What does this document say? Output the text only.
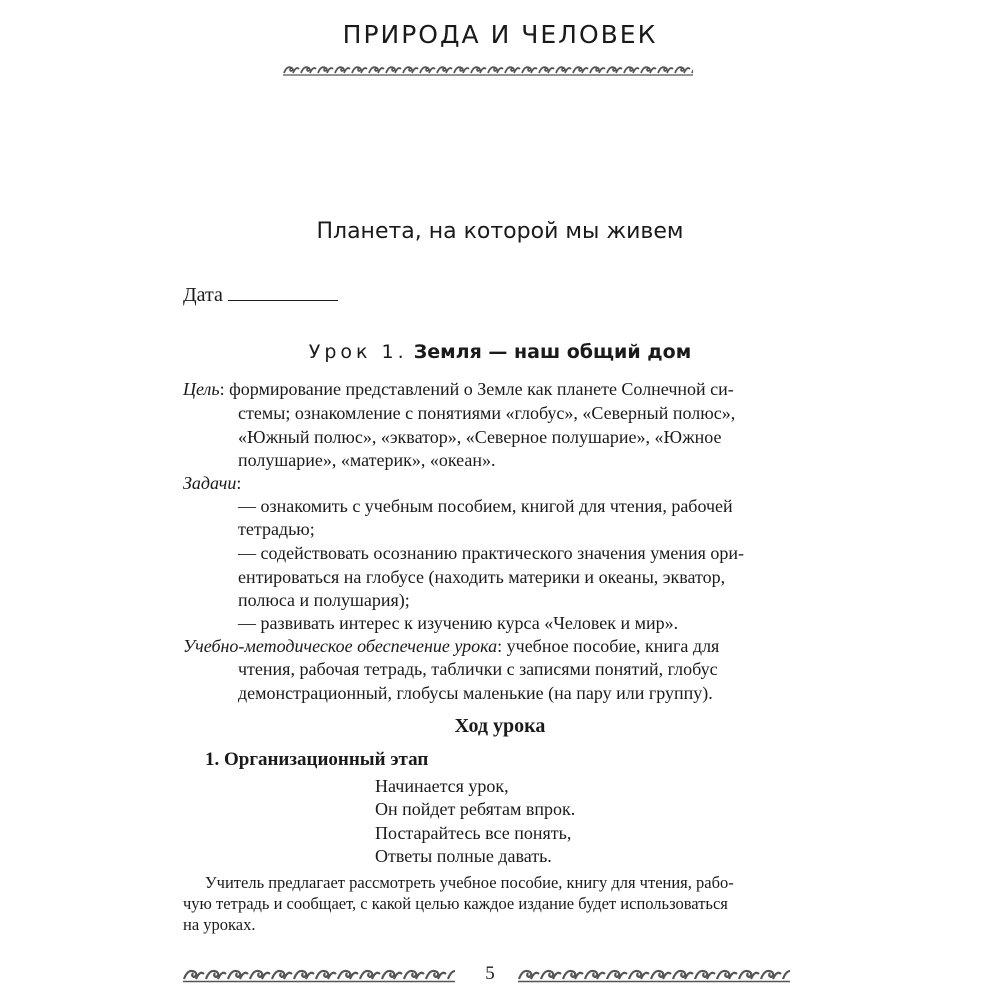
ПРИРОДА И ЧЕЛОВЕК
Планета, на которой мы живем
Дата
Урок 1. Земля — наш общий дом
Цель: формирование представлений о Земле как планете Солнечной си-
стемы; ознакомление с понятиями «глобус», «Северный полюс»,
«Южный полюс», «экватор», «Северное полушарие», «Южное
полушарие», «материк», «океан».
Задачи:
— ознакомить с учебным пособием, книгой для чтения, рабочей
тетрадью;
— содействовать осознанию практического значения умения ори-
ентироваться на глобусе (находить материки и океаны, экватор,
полюса и полушария);
— развивать интерес к изучению курса «Человек и мир».
Учебно-методическое обеспечение урока: учебное пособие, книга для
чтения, рабочая тетрадь, таблички с записями понятий, глобус
демонстрационный, глобусы маленькие (на пару или группу).
Ход урока
1. Организационный этап
Начинается урок,
Он пойдет ребятам впрок.
Постарайтесь все понять,
Ответы полные давать.
Учитель предлагает рассмотреть учебное пособие, книгу для чтения, рабо-
чую тетрадь и сообщает, с какой целью каждое издание будет использоваться
на уроках.
5
